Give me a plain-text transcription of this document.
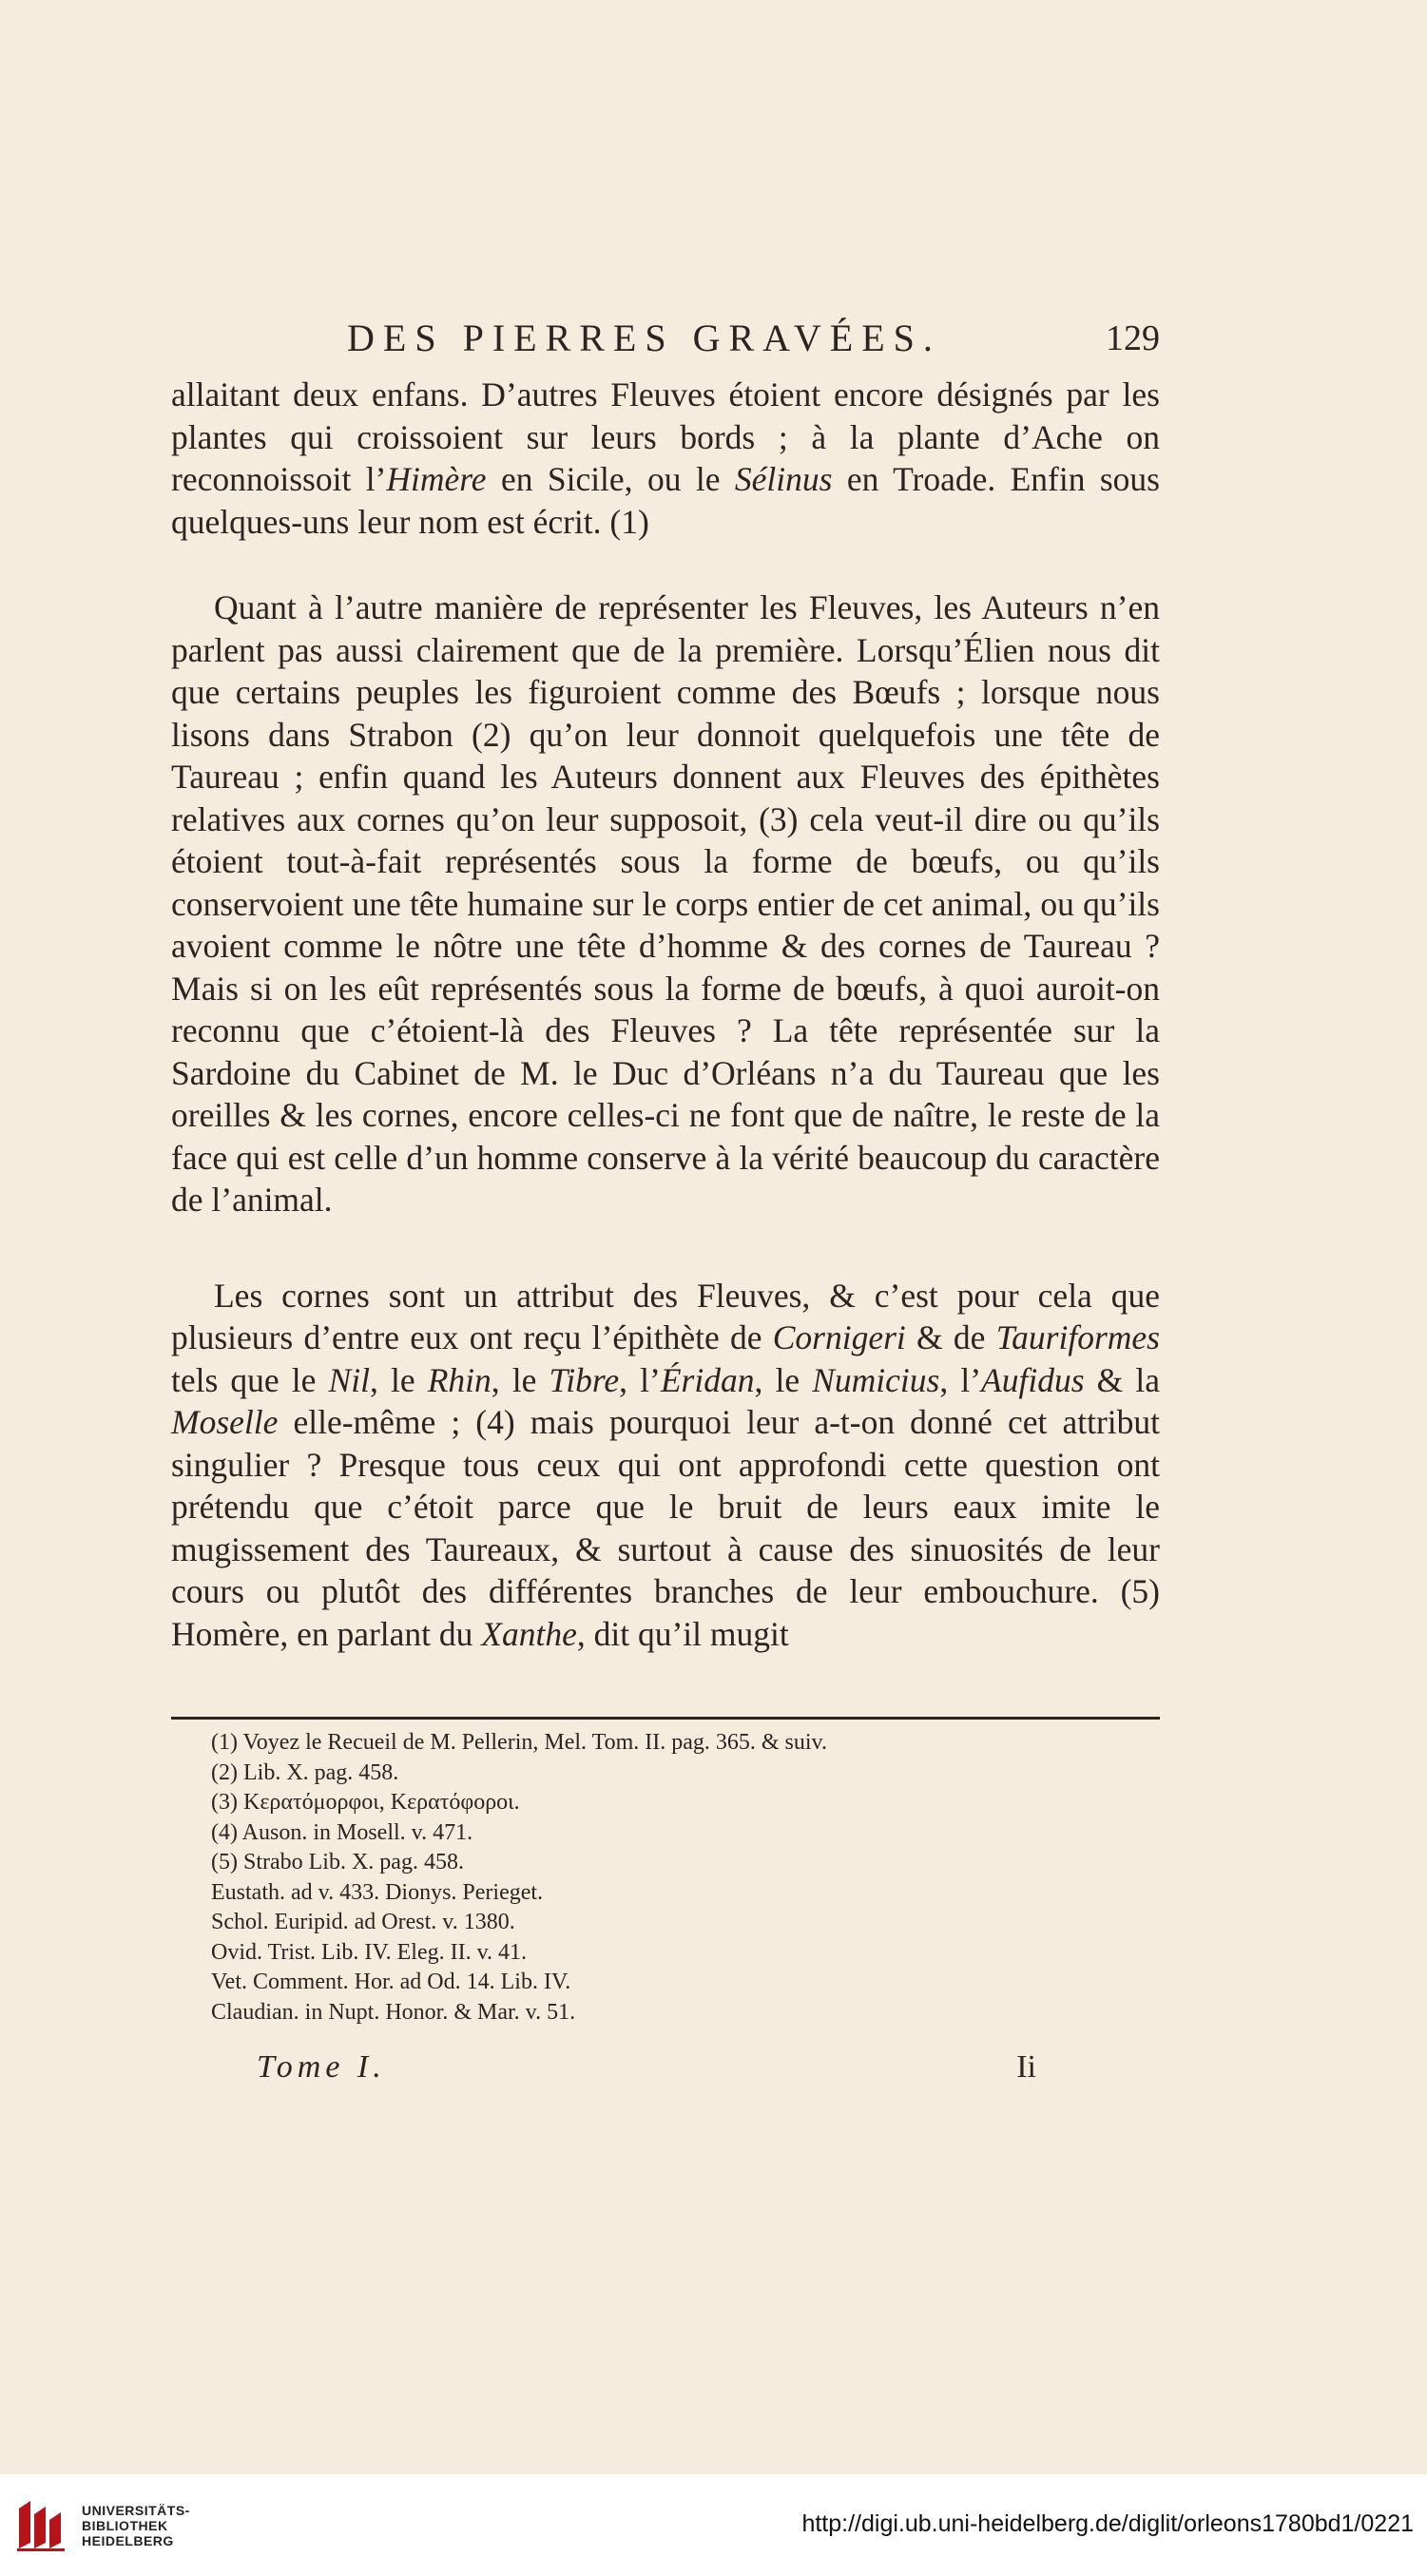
DES PIERRES GRAVÉES.	129

allaitant deux enfans. D’autres Fleuves étoient encore désignés par les plantes qui croissoient sur leurs bords ; à la plante d’Ache on reconnoissoit l’Himère en Sicile, ou le Sélinus en Troade. Enfin sous quelques-uns leur nom est écrit. (1)

Quant à l’autre manière de représenter les Fleuves, les Auteurs n’en parlent pas aussi clairement que de la première. Lorsqu’Élien nous dit que certains peuples les figuroient comme des Bœufs ; lorsque nous lisons dans Strabon (2) qu’on leur donnoit quelquefois une tête de Taureau ; enfin quand les Auteurs donnent aux Fleuves des épithètes relatives aux cornes qu’on leur supposoit, (3) cela veut-il dire ou qu’ils étoient tout-à-fait représentés sous la forme de bœufs, ou qu’ils conservoient une tête humaine sur le corps entier de cet animal, ou qu’ils avoient comme le nôtre une tête d’homme & des cornes de Taureau ? Mais si on les eût représentés sous la forme de bœufs, à quoi auroit-on reconnu que c’étoient-là des Fleuves ? La tête représentée sur la Sardoine du Cabinet de M. le Duc d’Orléans n’a du Taureau que les oreilles & les cornes, encore celles-ci ne font que de naître, le reste de la face qui est celle d’un homme conserve à la vérité beaucoup du caractère de l’animal.

Les cornes sont un attribut des Fleuves, & c’est pour cela que plusieurs d’entre eux ont reçu l’épithète de Cornigeri & de Tauriformes tels que le Nil, le Rhin, le Tibre, l’Éridan, le Numicius, l’Aufidus & la Moselle elle-même ; (4) mais pourquoi leur a-t-on donné cet attribut singulier ? Presque tous ceux qui ont approfondi cette question ont prétendu que c’étoit parce que le bruit de leurs eaux imite le mugissement des Taureaux, & surtout à cause des sinuosités de leur cours ou plutôt des différentes branches de leur embouchure. (5) Homère, en parlant du Xanthe, dit qu’il mugit

(1) Voyez le Recueil de M. Pellerin, Mel. Tom. II. pag. 365. & suiv.

(2) Lib. X. pag. 458.

(3) Κερατόμορφοι, Κερατόφοροι.

(4) Auson. in Mosell. v. 471.

(5) Strabo Lib. X. pag. 458.

Eustath. ad v. 433. Dionys. Perieget.

Schol. Euripid. ad Orest. v. 1380.

Ovid. Trist. Lib. IV. Eleg. II. v. 41.

Vet. Comment. Hor. ad Od. 14. Lib. IV.

Claudian. in Nupt. Honor. & Mar. v. 51.

Tome I.	Ii
UNIVERSITÄTS-
BIBLIOTHEK
HEIDELBERG
http://digi.ub.uni-heidelberg.de/diglit/orleons1780bd1/0221
